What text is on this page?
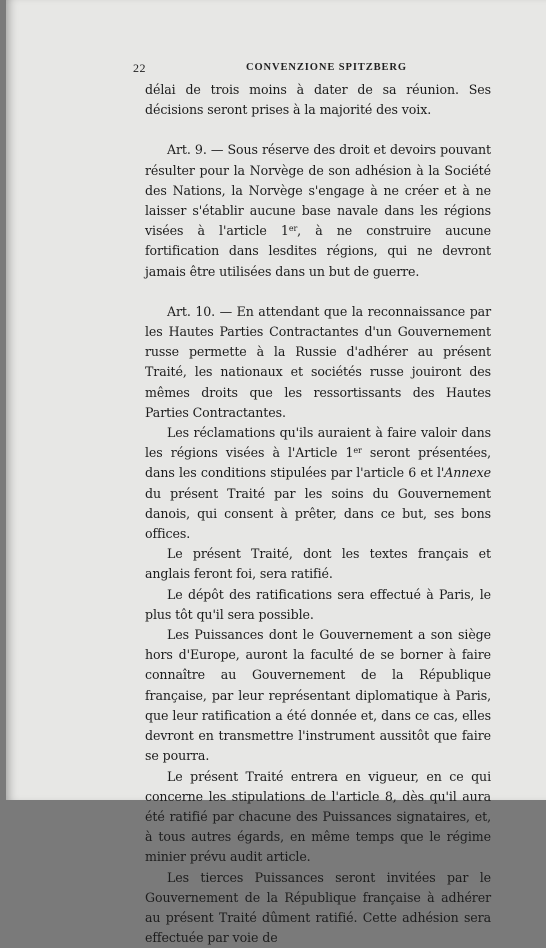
22	CONVENZIONE SPITZBERG

délai de trois moins à dater de sa réunion. Ses décisions seront prises à la majorité des voix.

Art. 9. — Sous réserve des droit et devoirs pouvant résulter pour la Norvège de son adhésion à la Société des Nations, la Norvège s'engage à ne créer et à ne laisser s'établir aucune base navale dans les régions visées à l'article 1er, à ne construire aucune fortification dans lesdites régions, qui ne devront jamais être utilisées dans un but de guerre.

Art. 10. — En attendant que la reconnaissance par les Hautes Parties Contractantes d'un Gouvernement russe permette à la Russie d'adhérer au présent Traité, les nationaux et sociétés russe jouiront des mêmes droits que les ressortissants des Hautes Parties Contractantes.

Les réclamations qu'ils auraient à faire valoir dans les régions visées à l'Article 1er seront présentées, dans les conditions stipulées par l'article 6 et l'Annexe du présent Traité par les soins du Gouvernement danois, qui consent à prêter, dans ce but, ses bons offices.

Le présent Traité, dont les textes français et anglais feront foi, sera ratifié.

Le dépôt des ratifications sera effectué à Paris, le plus tôt qu'il sera possible.

Les Puissances dont le Gouvernement a son siège hors d'Europe, auront la faculté de se borner à faire connaître au Gouvernement de la République française, par leur représentant diplomatique à Paris, que leur ratification a été donnée et, dans ce cas, elles devront en transmettre l'instrument aussitôt que faire se pourra.

Le présent Traité entrera en vigueur, en ce qui concerne les stipulations de l'article 8, dès qu'il aura été ratifié par chacune des Puissances signataires, et, à tous autres égards, en même temps que le régime minier prévu audit article.

Les tierces Puissances seront invitées par le Gouvernement de la République française à adhérer au présent Traité dûment ratifié. Cette adhésion sera effectuée par voie de
